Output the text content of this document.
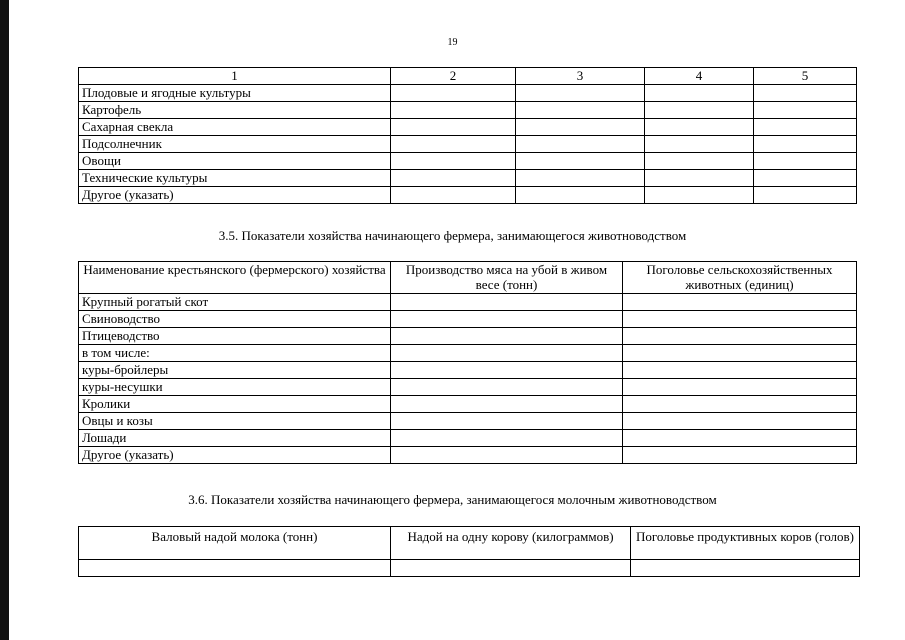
19
1	2	3	4	5
Плодовые и ягодные культуры				
Картофель				
Сахарная свекла				
Подсолнечник				
Овощи				
Технические культуры				
Другое (указать)				
3.5. Показатели хозяйства начинающего фермера, занимающегося животноводством
Наименование крестьянского (фермерского) хозяйства	Производство мяса на убой в живом весе (тонн)	Поголовье сельскохозяйственных животных (единиц)
Крупный рогатый скот		
Свиноводство		
Птицеводство		
в том числе:		
куры-бройлеры		
куры-несушки		
Кролики		
Овцы и козы		
Лошади		
Другое (указать)		
3.6. Показатели хозяйства начинающего фермера, занимающегося молочным животноводством
Валовый надой молока (тонн)	Надой на одну корову (килограммов)	Поголовье продуктивных коров (голов)
